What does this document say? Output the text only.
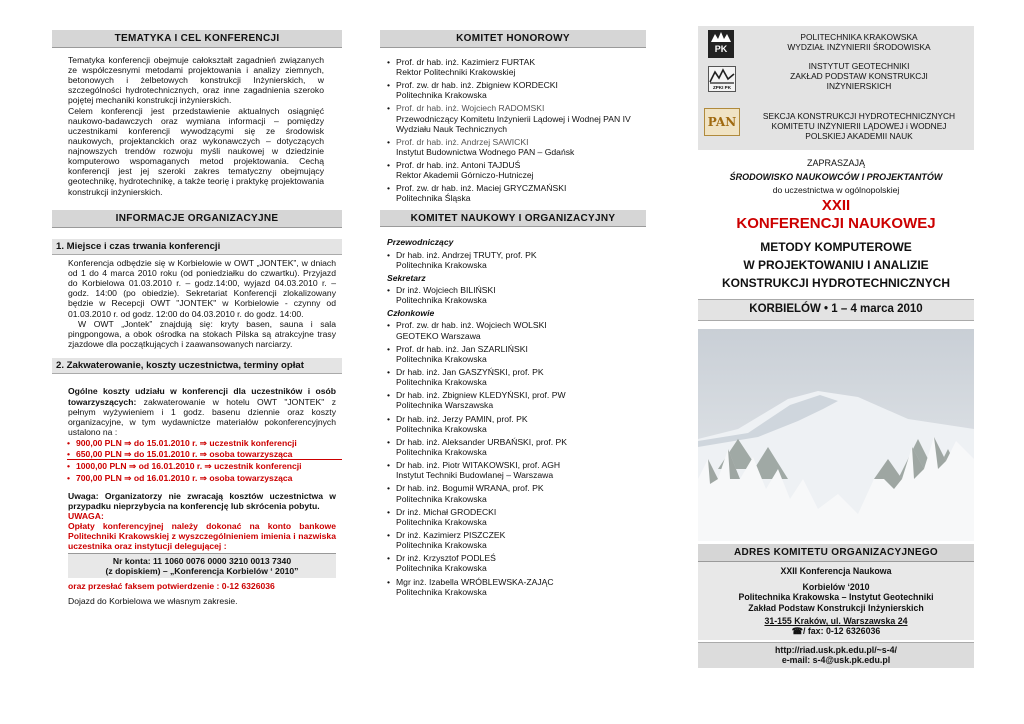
TEMATYKA I CEL KONFERENCJI

Tematyka konferencji obejmuje całokształt zagadnień związanych ze współczesnymi metodami projektowania i analizy ziemnych, betonowych i żelbetowych konstrukcji Inżynierskich, w szczególności hydrotechnicznych, oraz inne zagadnienia szeroko pojętej mechaniki konstrukcji inżynierskich.

Celem konferencji jest przedstawienie aktualnych osiągnięć naukowo-badawczych oraz wymiana informacji – pomiędzy uczestnikami konferencji wywodzącymi się ze środowisk naukowych, projektanckich oraz wykonawczych – dotyczących najnowszych trendów rozwoju myśli naukowej w dziedzinie komputerowo wspomaganych metod projektowania. Cechą konferencji jest jej szeroki zakres tematyczny obejmujący geotechnikę, hydrotechnikę, a także teorię i praktykę projektowania konstrukcji inżynierskich.

INFORMACJE ORGANIZACYJNE
1. Miejsce i czas trwania konferencji

Konferencja odbędzie się w Korbielowie w OWT „JONTEK”, w dniach od 1 do 4 marca 2010 roku (od poniedziałku do czwartku). Przyjazd do Korbielowa 01.03.2010 r. – godz.14:00, wyjazd 04.03.2010 r. – godz. 14:00 (po obiedzie). Sekretariat Konferencji zlokalizowany będzie w Recepcji OWT "JONTEK" w Korbielowie - czynny od 01.03.2010 r. od godz. 12:00 do 04.03.2010 r. do godz. 14:00.

W OWT „Jontek” znajdują się: kryty basen, sauna i sala pingpongowa, a obok ośrodka na stokach Pilska są atrakcyjne trasy zjazdowe dla początkujących i zaawansowanych narciarzy.

2. Zakwaterowanie, koszty uczestnictwa, terminy opłat

Ogólne koszty udziału w konferencji dla uczestników i osób towarzyszących: zakwaterowanie w hotelu OWT "JONTEK" z pełnym wyżywieniem i 1 godz. basenu dziennie oraz koszty organizacyjne, w tym wydawnictze materiałów pokonferencyjnych ustalono na :

• 900,00 PLN ⇒ do 15.01.2010 r. ⇒ uczestnik konferencji
• 650,00 PLN ⇒ do 15.01.2010 r. ⇒ osoba towarzysząca
• 1000,00 PLN ⇒ od 16.01.2010 r. ⇒ uczestnik konferencji
• 700,00 PLN ⇒ od 16.01.2010 r. ⇒ osoba towarzysząca

Uwaga: Organizatorzy nie zwracają kosztów uczestnictwa w przypadku nieprzybycia na konferencję lub skrócenia pobytu.

UWAGA:

Opłaty konferencyjnej należy dokonać na konto bankowe Politechniki Krakowskiej z wyszczególnieniem imienia i nazwiska uczestnika oraz instytucji delegującej :

Nr konta: 11 1060 0076 0000 3210 0013 7340

(z dopiskiem) – „Konferencja Korbielów ‘ 2010”

oraz przesłać faksem potwierdzenie : 0-12 6326036

Dojazd do Korbielowa we własnym zakresie.

KOMITET HONOROWY
• Prof. dr hab. inż. Kazimierz FURTAK
Rektor Politechniki Krakowskiej
• Prof. zw. dr hab. inż. Zbigniew KORDECKI
Politechnika Krakowska
• Prof. dr hab. inż. Wojciech RADOMSKI
Przewodniczący Komitetu Inżynierii Lądowej i Wodnej PAN IV Wydziału Nauk Technicznych
• Prof. dr hab. inż. Andrzej SAWICKI
Instytut Budownictwa Wodnego PAN – Gdańsk
• Prof. dr hab. inż. Antoni TAJDUŚ
Rektor Akademii Górniczo-Hutniczej
• Prof. zw. dr hab. inż. Maciej GRYCZMAŃSKI
Politechnika Śląska
KOMITET NAUKOWY I ORGANIZACYJNY

Przewodniczący

• Dr hab. inż. Andrzej TRUTY, prof. PK
Politechnika Krakowska

Sekretarz

• Dr inż. Wojciech BILIŃSKI
Politechnika Krakowska

Członkowie

• Prof. zw. dr hab. inż. Wojciech WOLSKI
GEOTEKO Warszawa
• Prof. dr hab. inż. Jan SZARLIŃSKI
Politechnika Krakowska
• Dr hab. inż. Jan GASZYŃSKI, prof. PK
Politechnika Krakowska
• Dr hab. inż. Zbigniew KLEDYŃSKI, prof. PW
Politechnika Warszawska
• Dr hab. inż. Jerzy PAMIN, prof. PK
Politechnika Krakowska
• Dr hab. inż. Aleksander URBAŃSKI, prof. PK
Politechnika Krakowska
• Dr hab. inż. Piotr WITAKOWSKI, prof. AGH
Instytut Techniki Budowlanej – Warszawa
• Dr hab. inż. Bogumił WRANA, prof. PK
Politechnika Krakowska
• Dr inż. Michał GRODECKI
Politechnika Krakowska
• Dr inż. Kazimierz PISZCZEK
Politechnika Krakowska
• Dr inż. Krzysztof PODLEŚ
Politechnika Krakowska
• Mgr inż. Izabella WRÓBLEWSKA-ZAJĄC
Politechnika Krakowska
PK
POLITECHNIKA KRAKOWSKA
WYDZIAŁ INŻYNIERII ŚRODOWISKA
ZPKI PK
INSTYTUT GEOTECHNIKI
ZAKŁAD PODSTAW KONSTRUKCJI
INŻYNIERSKICH
PAN	SEKCJA KONSTRUKCJI HYDROTECHNICZNYCH
KOMITETU INŻYNIERII LĄDOWEJ i WODNEJ
POLSKIEJ AKADEMII NAUK

ZAPRASZAJĄ

ŚRODOWISKO NAUKOWCÓW I PROJEKTANTÓW

do uczestnictwa w ogólnopolskiej

XXII

KONFERENCJI NAUKOWEJ

METODY KOMPUTEROWE

W PROJEKTOWANIU I ANALIZIE

KONSTRUKCJI HYDROTECHNICZNYCH

KORBIELÓW • 1 – 4 marca 2010
ADRES KOMITETU ORGANIZACYJNEGO

XXII Konferencja Naukowa

Korbielów ‘2010

Politechnika Krakowska – Instytut Geotechniki

Zakład Podstaw Konstrukcji Inżynierskich

31-155 Kraków, ul. Warszawska 24

☎/ fax: 0-12 6326036

http://riad.usk.pk.edu.pl/~s-4/

e-mail: s-4@usk.pk.edu.pl
